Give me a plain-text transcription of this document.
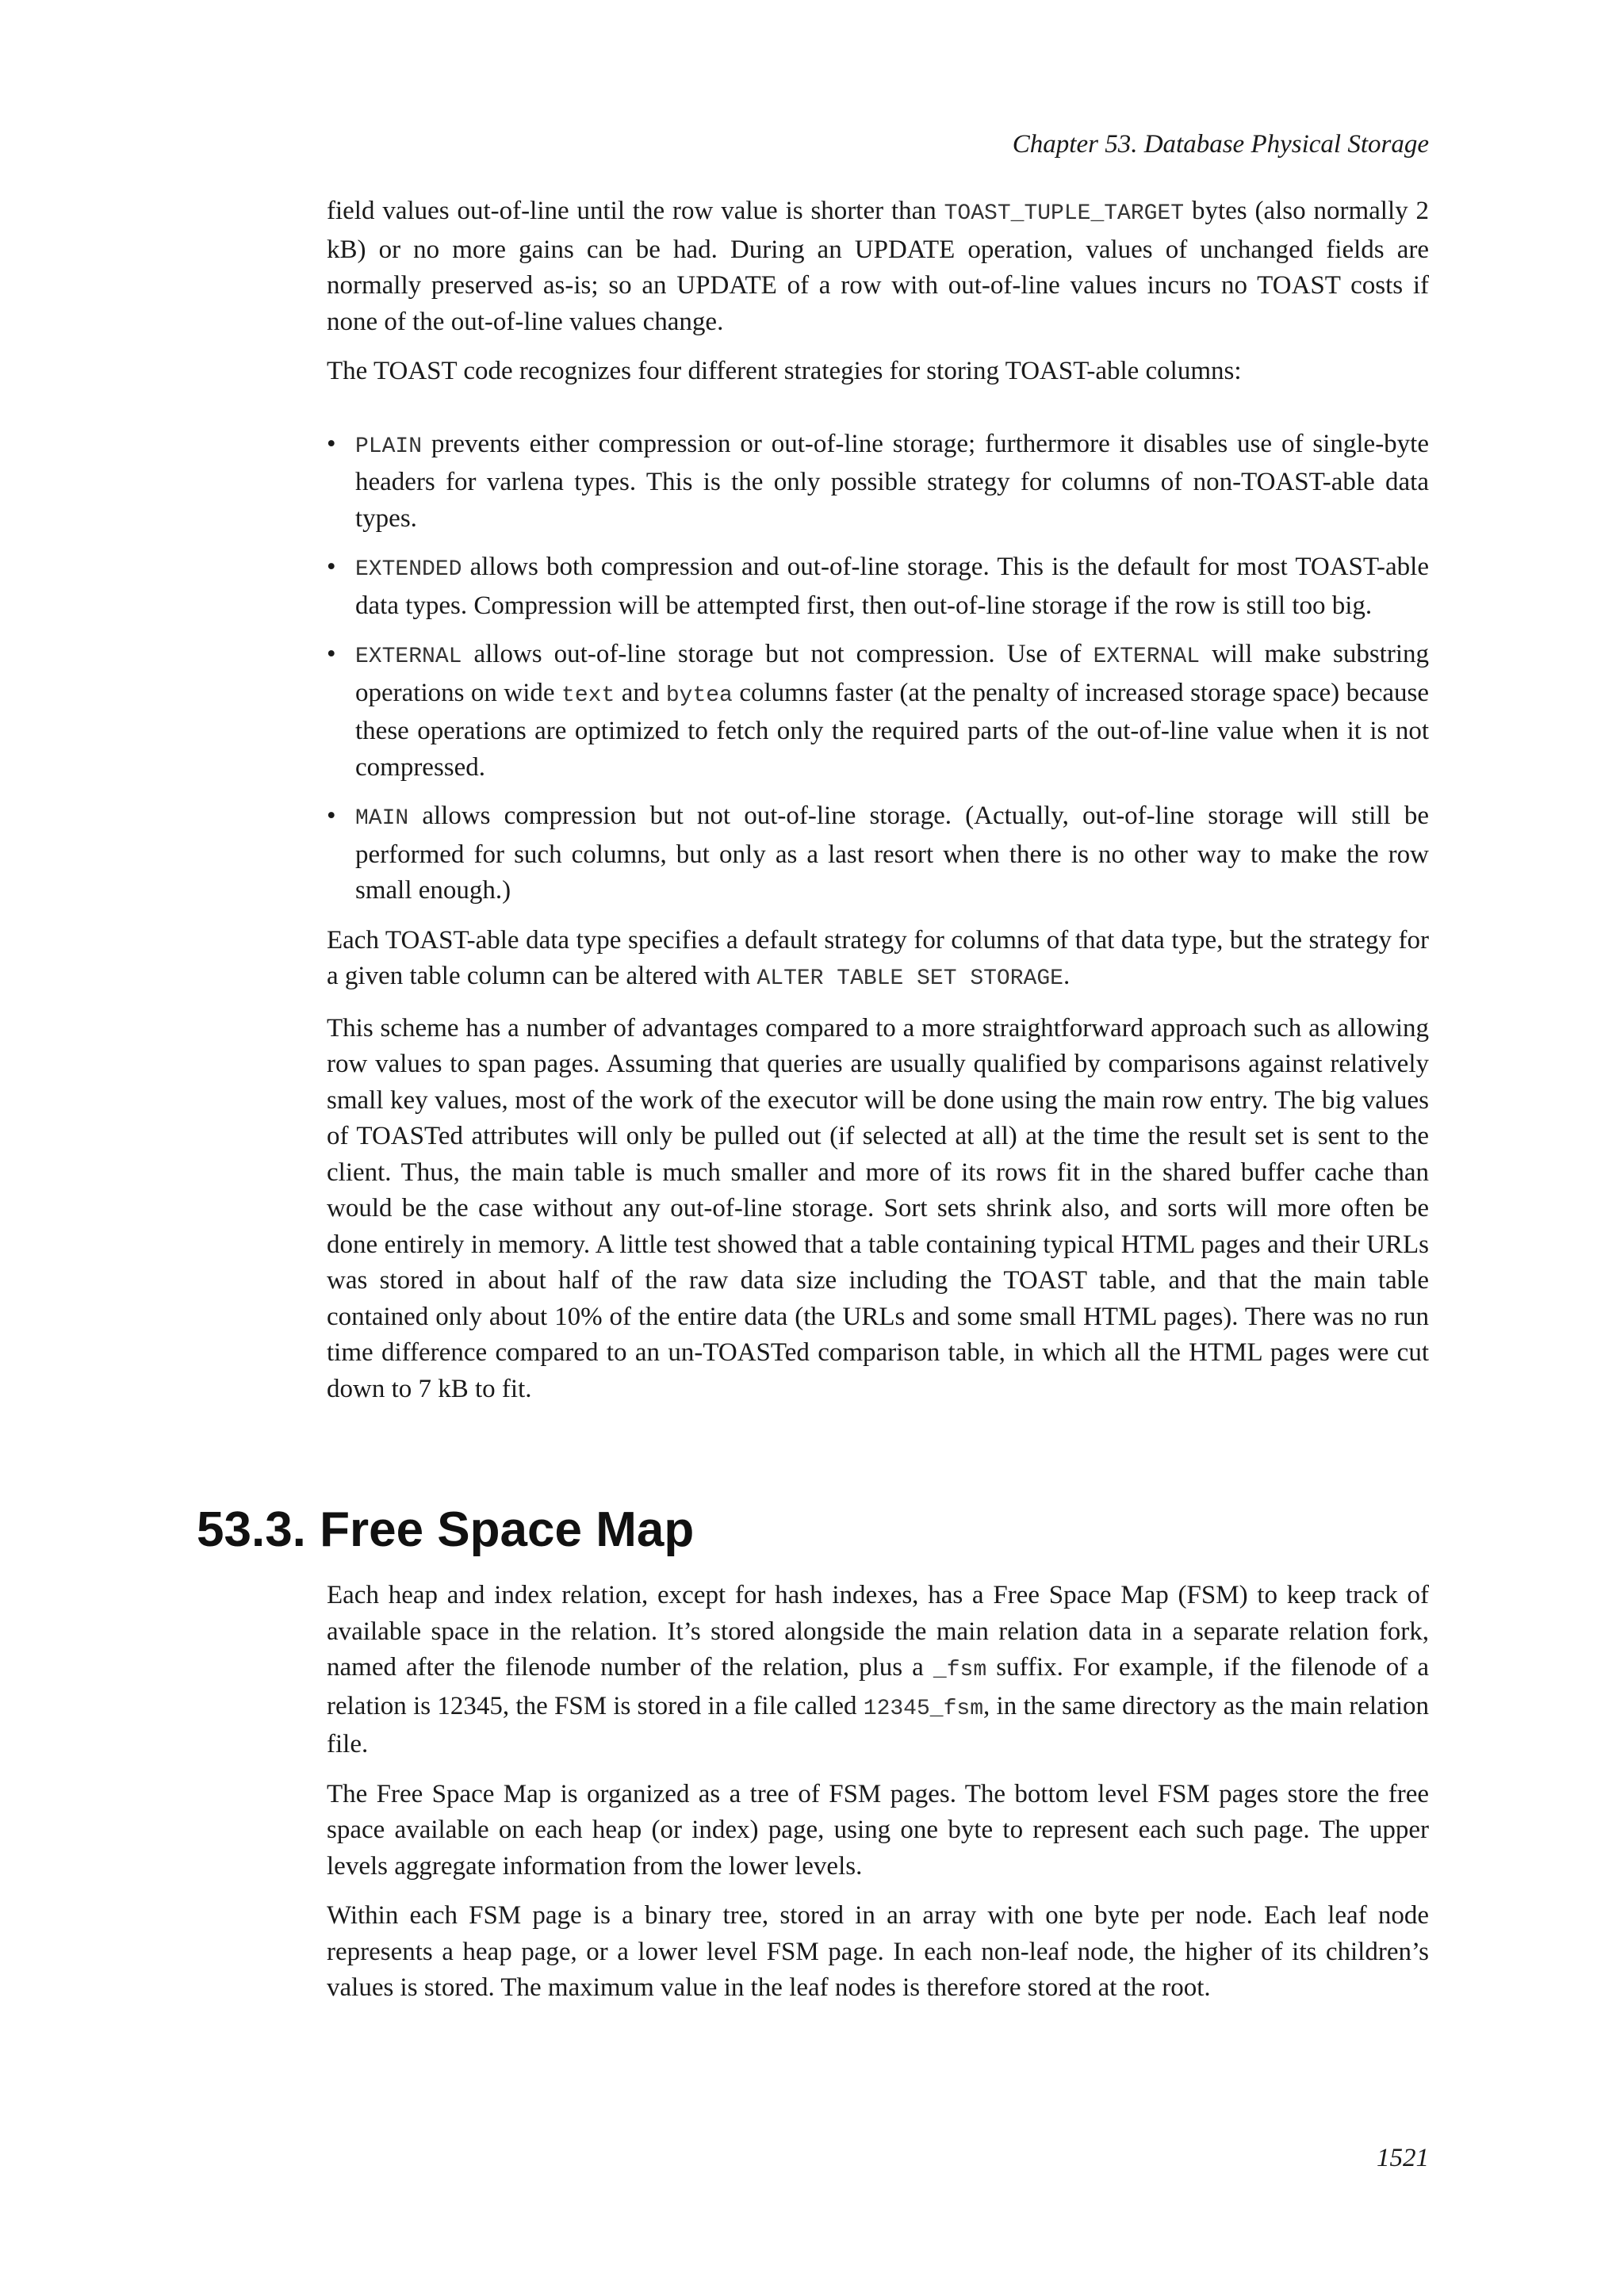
Chapter 53. Database Physical Storage

field values out-of-line until the row value is shorter than TOAST_TUPLE_TARGET bytes (also normally 2 kB) or no more gains can be had. During an UPDATE operation, values of unchanged fields are normally preserved as-is; so an UPDATE of a row with out-of-line values incurs no TOAST costs if none of the out-of-line values change.

The TOAST code recognizes four different strategies for storing TOAST-able columns:

• PLAIN prevents either compression or out-of-line storage; furthermore it disables use of single-byte headers for varlena types. This is the only possible strategy for columns of non-TOAST-able data types.
• EXTENDED allows both compression and out-of-line storage. This is the default for most TOAST-able data types. Compression will be attempted first, then out-of-line storage if the row is still too big.
• EXTERNAL allows out-of-line storage but not compression. Use of EXTERNAL will make substring operations on wide text and bytea columns faster (at the penalty of increased storage space) because these operations are optimized to fetch only the required parts of the out-of-line value when it is not compressed.
• MAIN allows compression but not out-of-line storage. (Actually, out-of-line storage will still be performed for such columns, but only as a last resort when there is no other way to make the row small enough.)

Each TOAST-able data type specifies a default strategy for columns of that data type, but the strategy for a given table column can be altered with ALTER TABLE SET STORAGE.

This scheme has a number of advantages compared to a more straightforward approach such as allowing row values to span pages. Assuming that queries are usually qualified by comparisons against relatively small key values, most of the work of the executor will be done using the main row entry. The big values of TOASTed attributes will only be pulled out (if selected at all) at the time the result set is sent to the client. Thus, the main table is much smaller and more of its rows fit in the shared buffer cache than would be the case without any out-of-line storage. Sort sets shrink also, and sorts will more often be done entirely in memory. A little test showed that a table containing typical HTML pages and their URLs was stored in about half of the raw data size including the TOAST table, and that the main table contained only about 10% of the entire data (the URLs and some small HTML pages). There was no run time difference compared to an un-TOASTed comparison table, in which all the HTML pages were cut down to 7 kB to fit.

53.3. Free Space Map

Each heap and index relation, except for hash indexes, has a Free Space Map (FSM) to keep track of available space in the relation. It’s stored alongside the main relation data in a separate relation fork, named after the filenode number of the relation, plus a _fsm suffix. For example, if the filenode of a relation is 12345, the FSM is stored in a file called 12345_fsm, in the same directory as the main relation file.

The Free Space Map is organized as a tree of FSM pages. The bottom level FSM pages store the free space available on each heap (or index) page, using one byte to represent each such page. The upper levels aggregate information from the lower levels.

Within each FSM page is a binary tree, stored in an array with one byte per node. Each leaf node represents a heap page, or a lower level FSM page. In each non-leaf node, the higher of its children’s values is stored. The maximum value in the leaf nodes is therefore stored at the root.

1521
